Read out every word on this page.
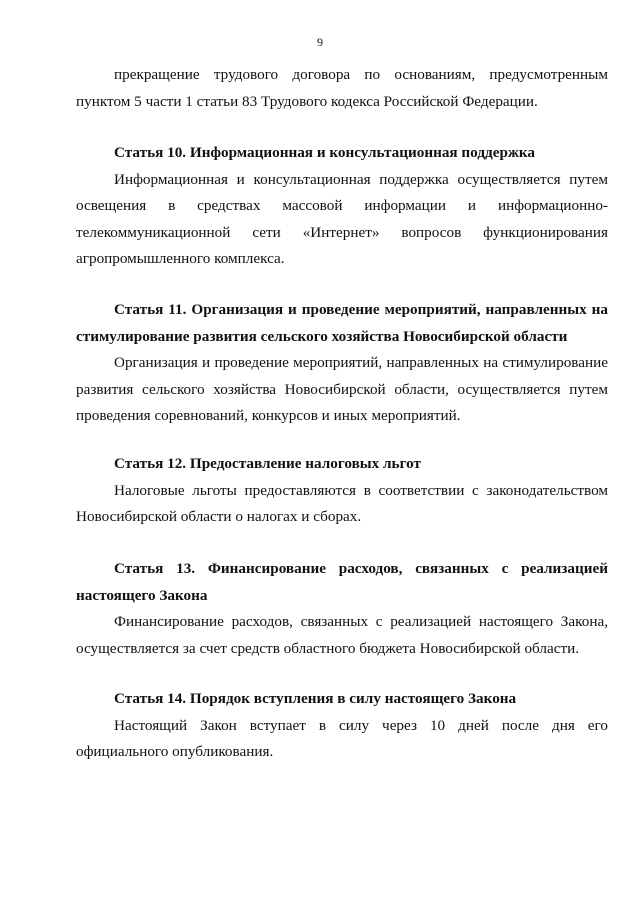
9

прекращение трудового договора по основаниям, предусмотренным пунктом 5 части 1 статьи 83 Трудового кодекса Российской Федерации.

Статья 10. Информационная и консультационная поддержка

Информационная и консультационная поддержка осуществляется путем освещения в средствах массовой информации и информационно-телекоммуникационной сети «Интернет» вопросов функционирования агропромышленного комплекса.

Статья 11. Организация и проведение мероприятий, направленных на стимулирование развития сельского хозяйства Новосибирской области

Организация и проведение мероприятий, направленных на стимулирование развития сельского хозяйства Новосибирской области, осуществляется путем проведения соревнований, конкурсов и иных мероприятий.

Статья 12. Предоставление налоговых льгот

Налоговые льготы предоставляются в соответствии с законодательством Новосибирской области о налогах и сборах.

Статья 13. Финансирование расходов, связанных с реализацией настоящего Закона

Финансирование расходов, связанных с реализацией настоящего Закона, осуществляется за счет средств областного бюджета Новосибирской области.

Статья 14. Порядок вступления в силу настоящего Закона

Настоящий Закон вступает в силу через 10 дней после дня его официального опубликования.
